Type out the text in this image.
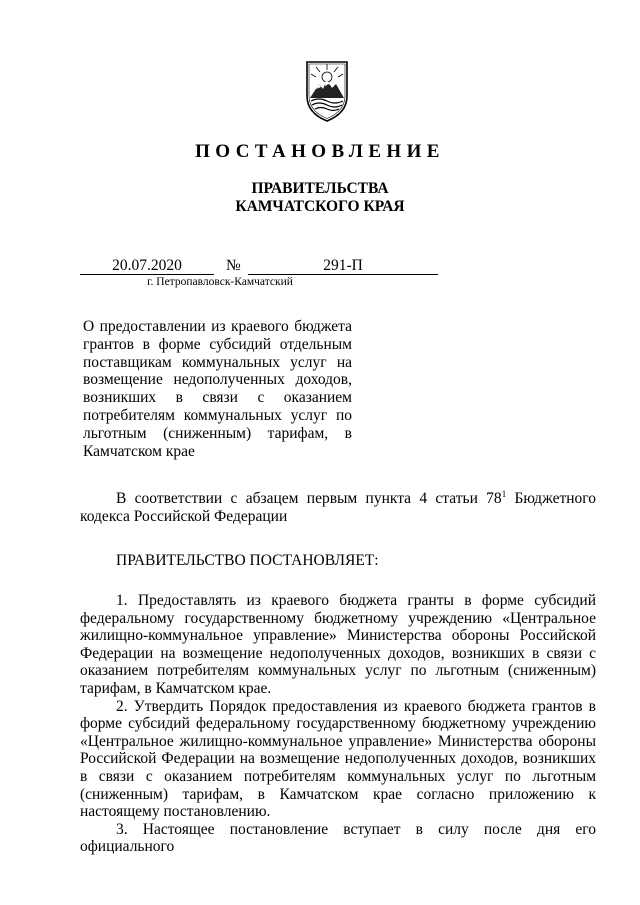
ПОСТАНОВЛЕНИЕ
ПРАВИТЕЛЬСТВА
КАМЧАТСКОГО КРАЯ
20.07.2020	№	291-П
г. Петропавловск-Камчатский
О предоставлении из краевого бюджета грантов в форме субсидий отдельным поставщикам коммунальных услуг на возмещение недополученных доходов, возникших в связи с оказанием потребителям коммунальных услуг по льготным (сниженным) тарифам, в Камчатском крае
В соответствии с абзацем первым пункта 4 статьи $78^1$ Бюджетного кодекса Российской Федерации
ПРАВИТЕЛЬСТВО ПОСТАНОВЛЯЕТ:

1. Предоставлять из краевого бюджета гранты в форме субсидий федеральному государственному бюджетному учреждению «Центральное жилищно-коммунальное управление» Министерства обороны Российской Федерации на возмещение недополученных доходов, возникших в связи с оказанием потребителям коммунальных услуг по льготным (сниженным) тарифам, в Камчатском крае.

2. Утвердить Порядок предоставления из краевого бюджета грантов в форме субсидий федеральному государственному бюджетному учреждению «Центральное жилищно-коммунальное управление» Министерства обороны Российской Федерации на возмещение недополученных доходов, возникших в связи с оказанием потребителям коммунальных услуг по льготным (сниженным) тарифам, в Камчатском крае согласно приложению к настоящему постановлению.

3. Настоящее постановление вступает в силу после дня его официального
